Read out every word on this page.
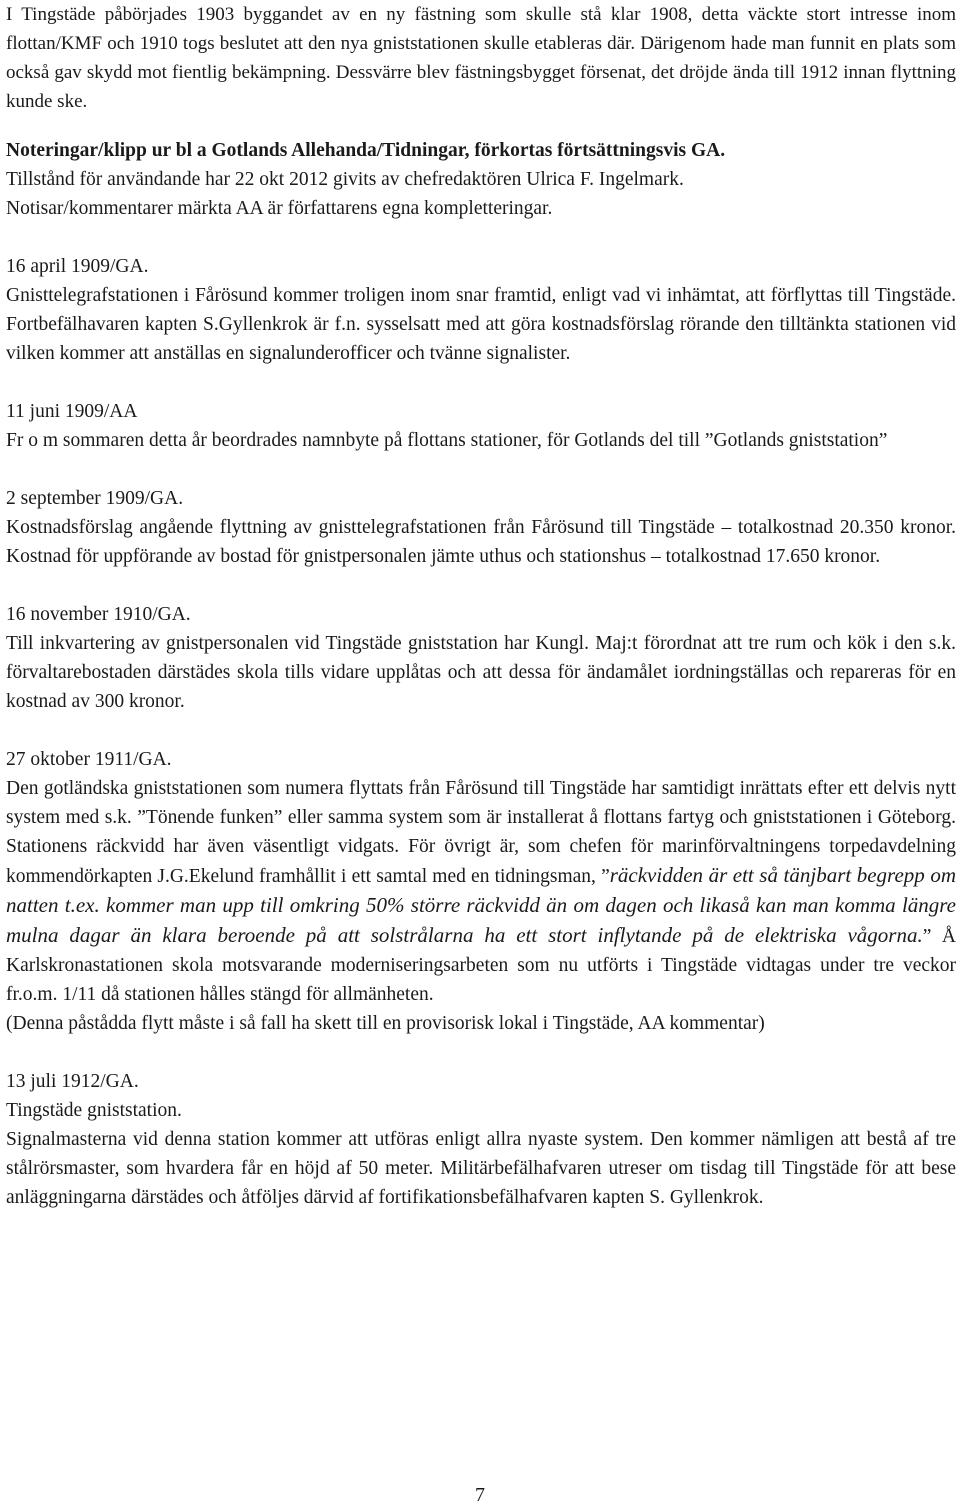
I Tingstäde påbörjades 1903 byggandet av en ny fästning som skulle stå klar 1908, detta väckte stort intresse inom flottan/KMF och 1910 togs beslutet att den nya gniststationen skulle etableras där. Därigenom hade man funnit en plats som också gav skydd mot fientlig bekämpning. Dessvärre blev fästningsbygget försenat, det dröjde ända till 1912 innan flyttning kunde ske.

Noteringar/klipp ur bl a Gotlands Allehanda/Tidningar, förkortas förtsättningsvis GA.

Tillstånd för användande har 22 okt 2012 givits av chefredaktören Ulrica F. Ingelmark.

Notisar/kommentarer märkta AA är författarens egna kompletteringar.

16 april 1909/GA.

Gnisttelegrafstationen i Fårösund kommer troligen inom snar framtid, enligt vad vi inhämtat, att förflyttas till Tingstäde. Fortbefälhavaren kapten S.Gyllenkrok är f.n. sysselsatt med att göra kostnadsförslag rörande den tilltänkta stationen vid vilken kommer att anställas en signalunderofficer och tvänne signalister.

11 juni 1909/AA

Fr o m sommaren detta år beordrades namnbyte på flottans stationer, för Gotlands del till ”Gotlands gniststation”

2 september 1909/GA.

Kostnadsförslag angående flyttning av gnisttelegrafstationen från Fårösund till Tingstäde – totalkostnad 20.350 kronor. Kostnad för uppförande av bostad för gnistpersonalen jämte uthus och stationshus – totalkostnad 17.650 kronor.

16 november 1910/GA.

Till inkvartering av gnistpersonalen vid Tingstäde gniststation har Kungl. Maj:t förordnat att tre rum och kök i den s.k. förvaltarebostaden därstädes skola tills vidare upplåtas och att dessa för ändamålet iordningställas och repareras för en kostnad av 300 kronor.

27 oktober 1911/GA.

Den gotländska gniststationen som numera flyttats från Fårösund till Tingstäde har samtidigt inrättats efter ett delvis nytt system med s.k. ”Tönende funken” eller samma system som är installerat å flottans fartyg och gniststationen i Göteborg. Stationens räckvidd har även väsentligt vidgats. För övrigt är, som chefen för marinförvaltningens torpedavdelning kommendörkapten J.G.Ekelund framhållit i ett samtal med en tidningsman, ”räckvidden är ett så tänjbart begrepp om natten t.ex. kommer man upp till omkring 50% större räckvidd än om dagen och likaså kan man komma längre mulna dagar än klara beroende på att solstrålarna ha ett stort inflytande på de elektriska vågorna.” Å Karlskronastationen skola motsvarande moderniseringsarbeten som nu utförts i Tingstäde vidtagas under tre veckor fr.o.m. 1/11 då stationen hålles stängd för allmänheten.

(Denna påstådda flytt måste i så fall ha skett till en provisorisk lokal i Tingstäde, AA kommentar)

13 juli 1912/GA.

Tingstäde gniststation.

Signalmasterna vid denna station kommer att utföras enligt allra nyaste system. Den kommer nämligen att bestå af tre stålrörsmaster, som hvardera får en höjd af 50 meter. Militärbefälhafvaren utreser om tisdag till Tingstäde för att bese anläggningarna därstädes och åtföljes därvid af fortifikationsbefälhafvaren kapten S. Gyllenkrok.

7
